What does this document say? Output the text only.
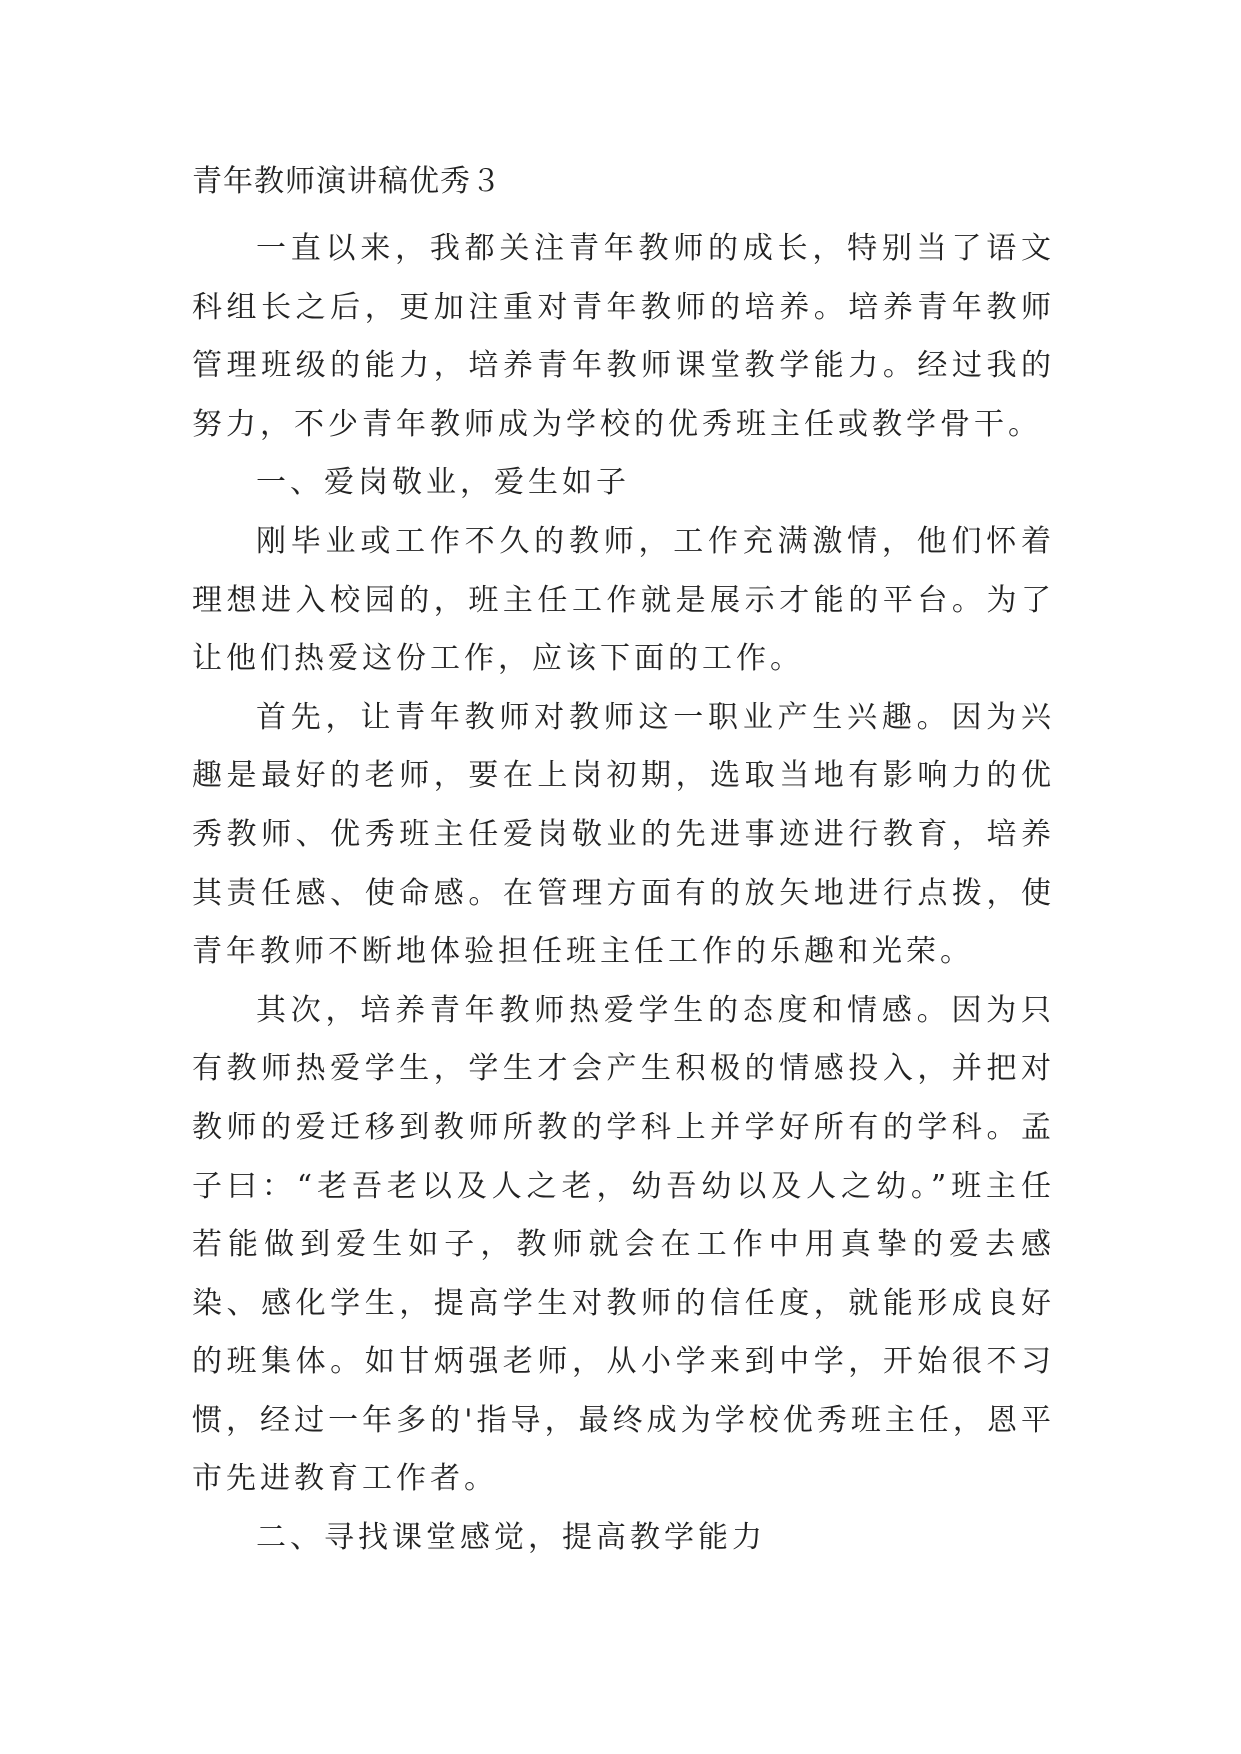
青年教师演讲稿优秀３

一直以来，我都关注青年教师的成长，特别当了语文科组长之后，更加注重对青年教师的培养。培养青年教师管理班级的能力，培养青年教师课堂教学能力。经过我的努力，不少青年教师成为学校的优秀班主任或教学骨干。

一、爱岗敬业，爱生如子

刚毕业或工作不久的教师，工作充满激情，他们怀着理想进入校园的，班主任工作就是展示才能的平台。为了让他们热爱这份工作，应该下面的工作。

首先，让青年教师对教师这一职业产生兴趣。因为兴趣是最好的老师，要在上岗初期，选取当地有影响力的优秀教师、优秀班主任爱岗敬业的先进事迹进行教育，培养其责任感、使命感。在管理方面有的放矢地进行点拨，使青年教师不断地体验担任班主任工作的乐趣和光荣。

其次，培养青年教师热爱学生的态度和情感。因为只有教师热爱学生，学生才会产生积极的情感投入，并把对教师的爱迁移到教师所教的学科上并学好所有的学科。孟子曰：“老吾老以及人之老，幼吾幼以及人之幼。”班主任若能做到爱生如子，教师就会在工作中用真挚的爱去感染、感化学生，提高学生对教师的信任度，就能形成良好的班集体。如甘炳强老师，从小学来到中学，开始很不习惯，经过一年多的'指导，最终成为学校优秀班主任，恩平市先进教育工作者。

二、寻找课堂感觉，提高教学能力
